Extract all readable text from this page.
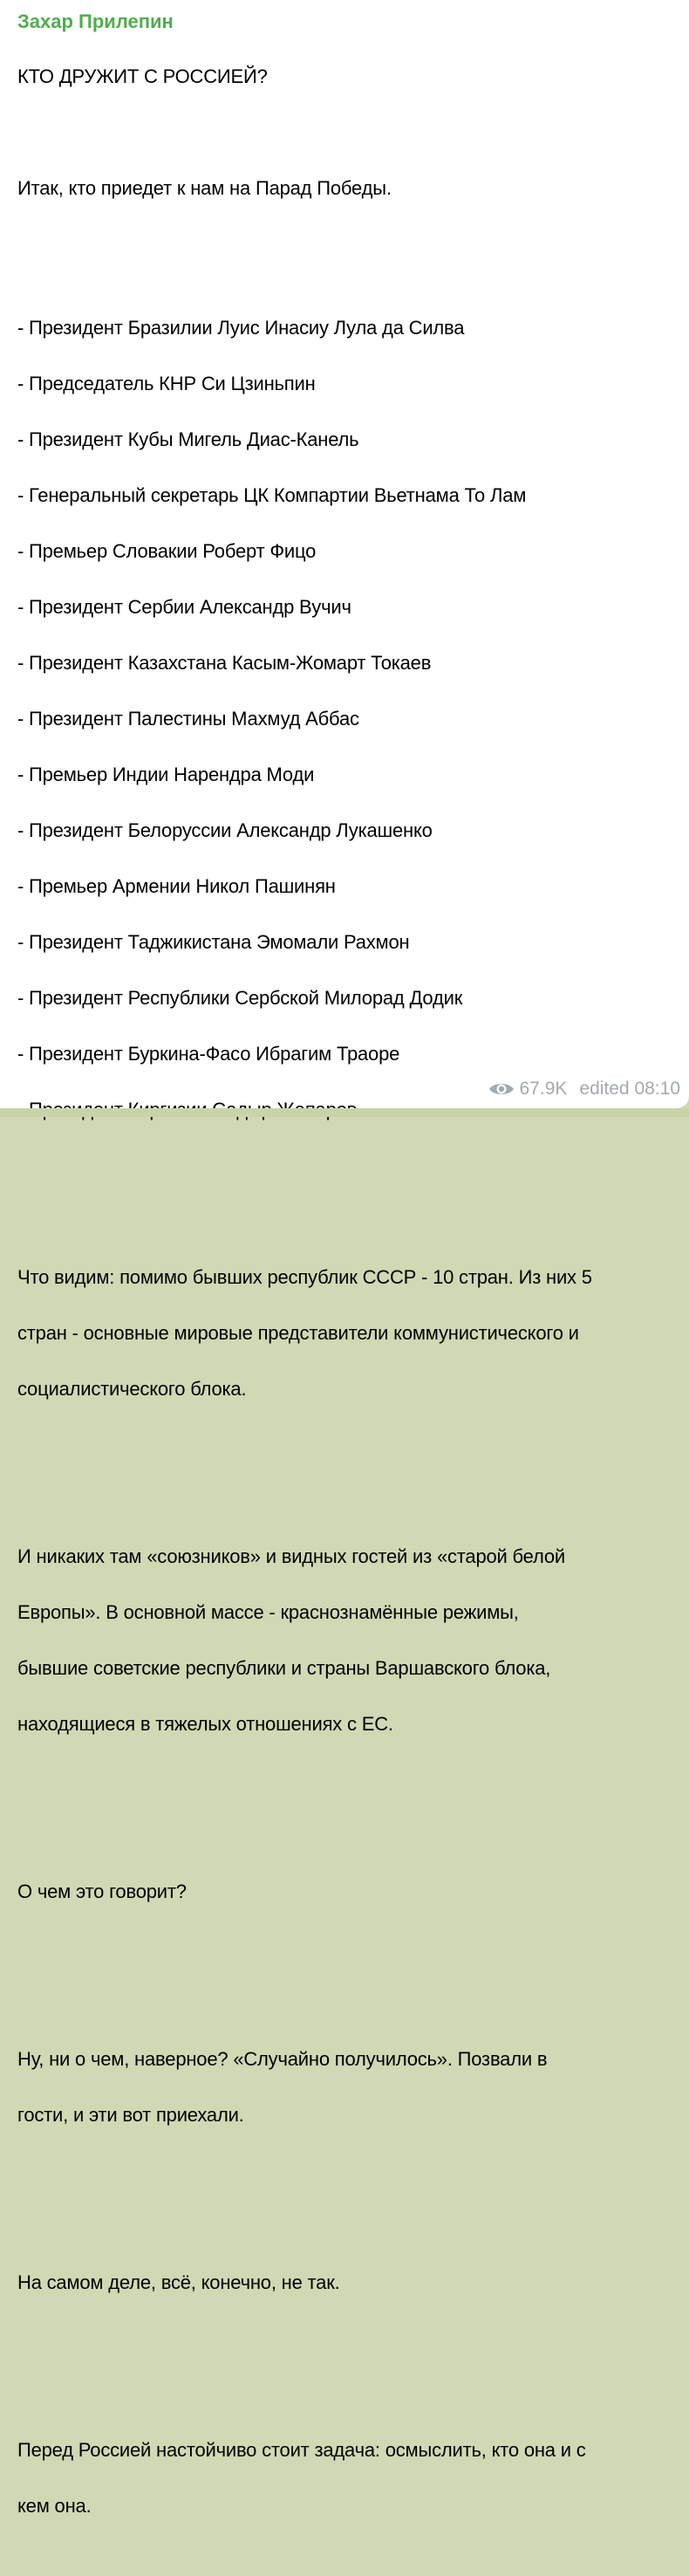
Захар Прилепин

КТО ДРУЖИТ С РОССИЕЙ?

Итак, кто приедет к нам на Парад Победы.

- Президент Бразилии Луис Инасиу Лула да Силва

- Председатель КНР Си Цзиньпин

- Президент Кубы Мигель Диас-Канель

- Генеральный секретарь ЦК Компартии Вьетнама То Лам

- Премьер Словакии Роберт Фицо

- Президент Сербии Александр Вучич

- Президент Казахстана Касым-Жомарт Токаев

- Президент Палестины Махмуд Аббас

- Премьер Индии Нарендра Моди

- Президент Белоруссии Александр Лукашенко

- Премьер Армении Никол Пашинян

- Президент Таджикистана Эмомали Рахмон

- Президент Республики Сербской Милорад Додик

- Президент Буркина-Фасо Ибрагим Траоре

Что видим: помимо бывших республик СССР - 10 стран. Из них 5

стран - основные мировые представители коммунистического и

социалистического блока.

И никаких там «союзников» и видных гостей из «старой белой

Европы». В основной массе - краснознамённые режимы,

бывшие советские республики и страны Варшавского блока,

находящиеся в тяжелых отношениях с ЕС.

О чем это говорит?

Ну, ни о чем, наверное? «Случайно получилось». Позвали в

гости, и эти вот приехали.

На самом деле, всё, конечно, не так.

Перед Россией настойчиво стоит задача: осмыслить, кто она и с

кем она.

67.9K edited 08:10
